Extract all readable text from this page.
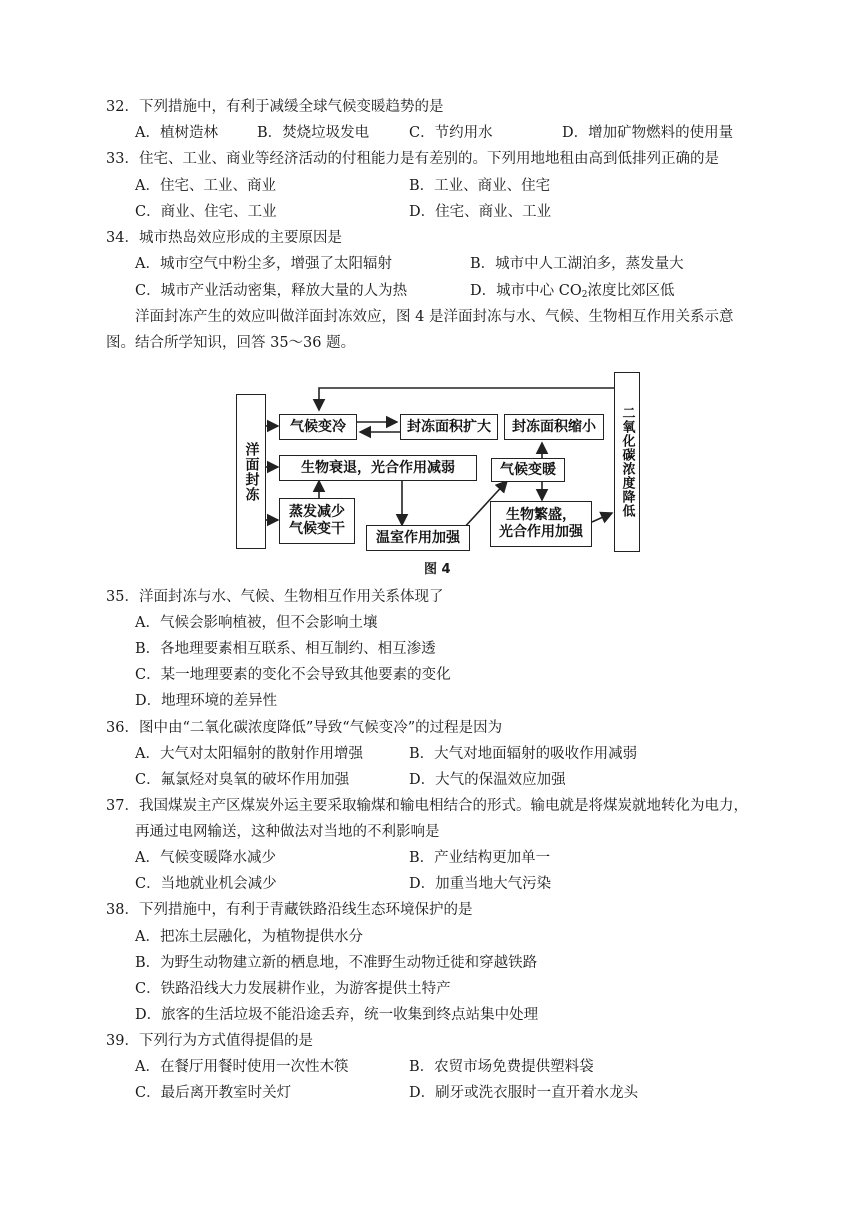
32．下列措施中，有利于减缓全球气候变暖趋势的是
A．植树造林	B．焚烧垃圾发电	C．节约用水	D．增加矿物燃料的使用量
33．住宅、工业、商业等经济活动的付租能力是有差别的。下列用地地租由高到低排列正确的是
A．住宅、工业、商业	B．工业、商业、住宅
C．商业、住宅、工业	D．住宅、商业、工业
34．城市热岛效应形成的主要原因是
A．城市空气中粉尘多，增强了太阳辐射	B．城市中人工湖泊多，蒸发量大
C．城市产业活动密集，释放大量的人为热	D．城市中心 $CO_2$浓度比郊区低
洋面封冻产生的效应叫做洋面封冻效应，图 4 是洋面封冻与水、气候、生物相互作用关系示意
图。结合所学知识，回答 35～36 题。
洋面封冻
气候变冷	封冻面积扩大	封冻面积缩小
生物衰退，光合作用减弱	气候变暖
蒸发减少
气候变干
温室作用加强
生物繁盛，
光合作用加强
二氧化碳浓度降低
图 4
35．洋面封冻与水、气候、生物相互作用关系体现了
A．气候会影响植被，但不会影响土壤
B．各地理要素相互联系、相互制约、相互渗透
C．某一地理要素的变化不会导致其他要素的变化
D．地理环境的差异性
36．图中由“二氧化碳浓度降低”导致“气候变冷”的过程是因为
A．大气对太阳辐射的散射作用增强	B．大气对地面辐射的吸收作用减弱
C．氟氯烃对臭氧的破坏作用加强	D．大气的保温效应加强
37．我国煤炭主产区煤炭外运主要采取输煤和输电相结合的形式。输电就是将煤炭就地转化为电力，
再通过电网输送，这种做法对当地的不利影响是
A．气候变暖降水减少	B．产业结构更加单一
C．当地就业机会减少	D．加重当地大气污染
38．下列措施中，有利于青藏铁路沿线生态环境保护的是
A．把冻土层融化，为植物提供水分
B．为野生动物建立新的栖息地，不准野生动物迁徙和穿越铁路
C．铁路沿线大力发展耕作业，为游客提供土特产
D．旅客的生活垃圾不能沿途丢弃，统一收集到终点站集中处理
39．下列行为方式值得提倡的是
A．在餐厅用餐时使用一次性木筷	B．农贸市场免费提供塑料袋
C．最后离开教室时关灯	D．刷牙或洗衣服时一直开着水龙头
